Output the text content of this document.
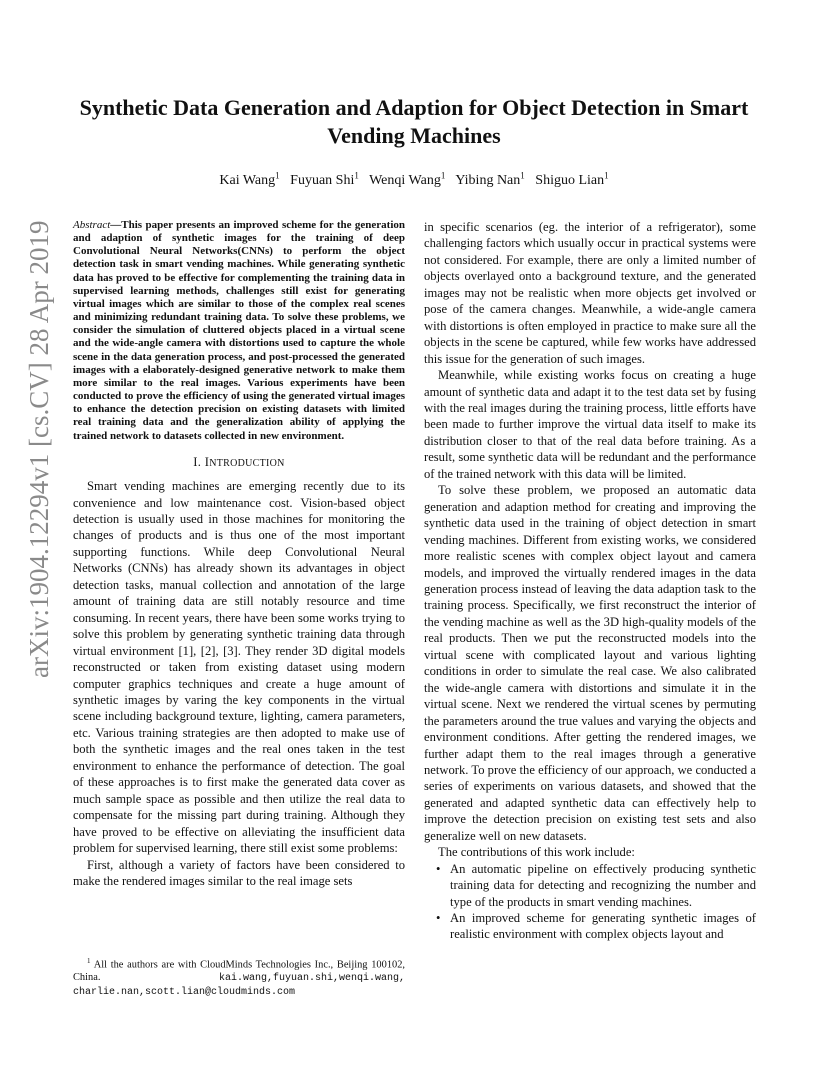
Synthetic Data Generation and Adaption for Object Detection in Smart Vending Machines
Kai Wang$^1$ Fuyuan Shi$^1$ Wenqi Wang$^1$ Yibing Nan$^1$ Shiguo Lian$^1$
arXiv:1904.12294v1 [cs.CV] 28 Apr 2019 Abstract—This paper presents an improved scheme for the generation and adaption of synthetic images for the training of deep Convolutional Neural Networks(CNNs) to perform the object detection task in smart vending machines. While generating synthetic data has proved to be effective for complementing the training data in supervised learning methods, challenges still exist for generating virtual images which are similar to those of the complex real scenes and minimizing redundant training data. To solve these problems, we consider the simulation of cluttered objects placed in a virtual scene and the wide-angle camera with distortions used to capture the whole scene in the data generation process, and post-processed the generated images with a elaborately-designed generative network to make them more similar to the real images. Various experiments have been conducted to prove the efficiency of using the generated virtual images to enhance the detection precision on existing datasets with limited real training data and the generalization ability of applying the trained network to datasets collected in new environment.

I. INTRODUCTION

Smart vending machines are emerging recently due to its convenience and low maintenance cost. Vision-based object detection is usually used in those machines for monitoring the changes of products and is thus one of the most important supporting functions. While deep Convolutional Neural Networks (CNNs) has already shown its advantages in object detection tasks, manual collection and annotation of the large amount of training data are still notably resource and time consuming. In recent years, there have been some works trying to solve this problem by generating synthetic training data through virtual environment [1], [2], [3]. They render 3D digital models reconstructed or taken from existing dataset using modern computer graphics techniques and create a huge amount of synthetic images by varing the key components in the virtual scene including background texture, lighting, camera parameters, etc. Various training strategies are then adopted to make use of both the synthetic images and the real ones taken in the test environment to enhance the performance of detection. The goal of these approaches is to first make the generated data cover as much sample space as possible and then utilize the real data to compensate for the missing part during training. Although they have proved to be effective on alleviating the insufficient data problem for supervised learning, there still exist some problems:

First, although a variety of factors have been considered to make the rendered images similar to the real image sets

$^1$ All the authors are with CloudMinds Technologies Inc., Beijing 100102, China.	kai.wang,fuyuan.shi,wenqi.wang, charlie.nan,scott.lian@cloudminds.com

in specific scenarios (eg. the interior of a refrigerator), some challenging factors which usually occur in practical systems were not considered. For example, there are only a limited number of objects overlayed onto a background texture, and the generated images may not be realistic when more objects get involved or pose of the camera changes. Meanwhile, a wide-angle camera with distortions is often employed in practice to make sure all the objects in the scene be captured, while few works have addressed this issue for the generation of such images.

Meanwhile, while existing works focus on creating a huge amount of synthetic data and adapt it to the test data set by fusing with the real images during the training process, little efforts have been made to further improve the virtual data itself to make its distribution closer to that of the real data before training. As a result, some synthetic data will be redundant and the performance of the trained network with this data will be limited.

To solve these problem, we proposed an automatic data generation and adaption method for creating and improving the synthetic data used in the training of object detection in smart vending machines. Different from existing works, we considered more realistic scenes with complex object layout and camera models, and improved the virtually rendered images in the data generation process instead of leaving the data adaption task to the training process. Specifically, we first reconstruct the interior of the vending machine as well as the 3D high-quality models of the real products. Then we put the reconstructed models into the virtual scene with complicated layout and various lighting conditions in order to simulate the real case. We also calibrated the wide-angle camera with distortions and simulate it in the virtual scene. Next we rendered the virtual scenes by permuting the parameters around the true values and varying the objects and environment conditions. After getting the rendered images, we further adapt them to the real images through a generative network. To prove the efficiency of our approach, we conducted a series of experiments on various datasets, and showed that the generated and adapted synthetic data can effectively help to improve the detection precision on existing test sets and also generalize well on new datasets.

The contributions of this work include:

• An automatic pipeline on effectively producing synthetic training data for detecting and recognizing the number and type of the products in smart vending machines.
• An improved scheme for generating synthetic images of realistic environment with complex objects layout and
